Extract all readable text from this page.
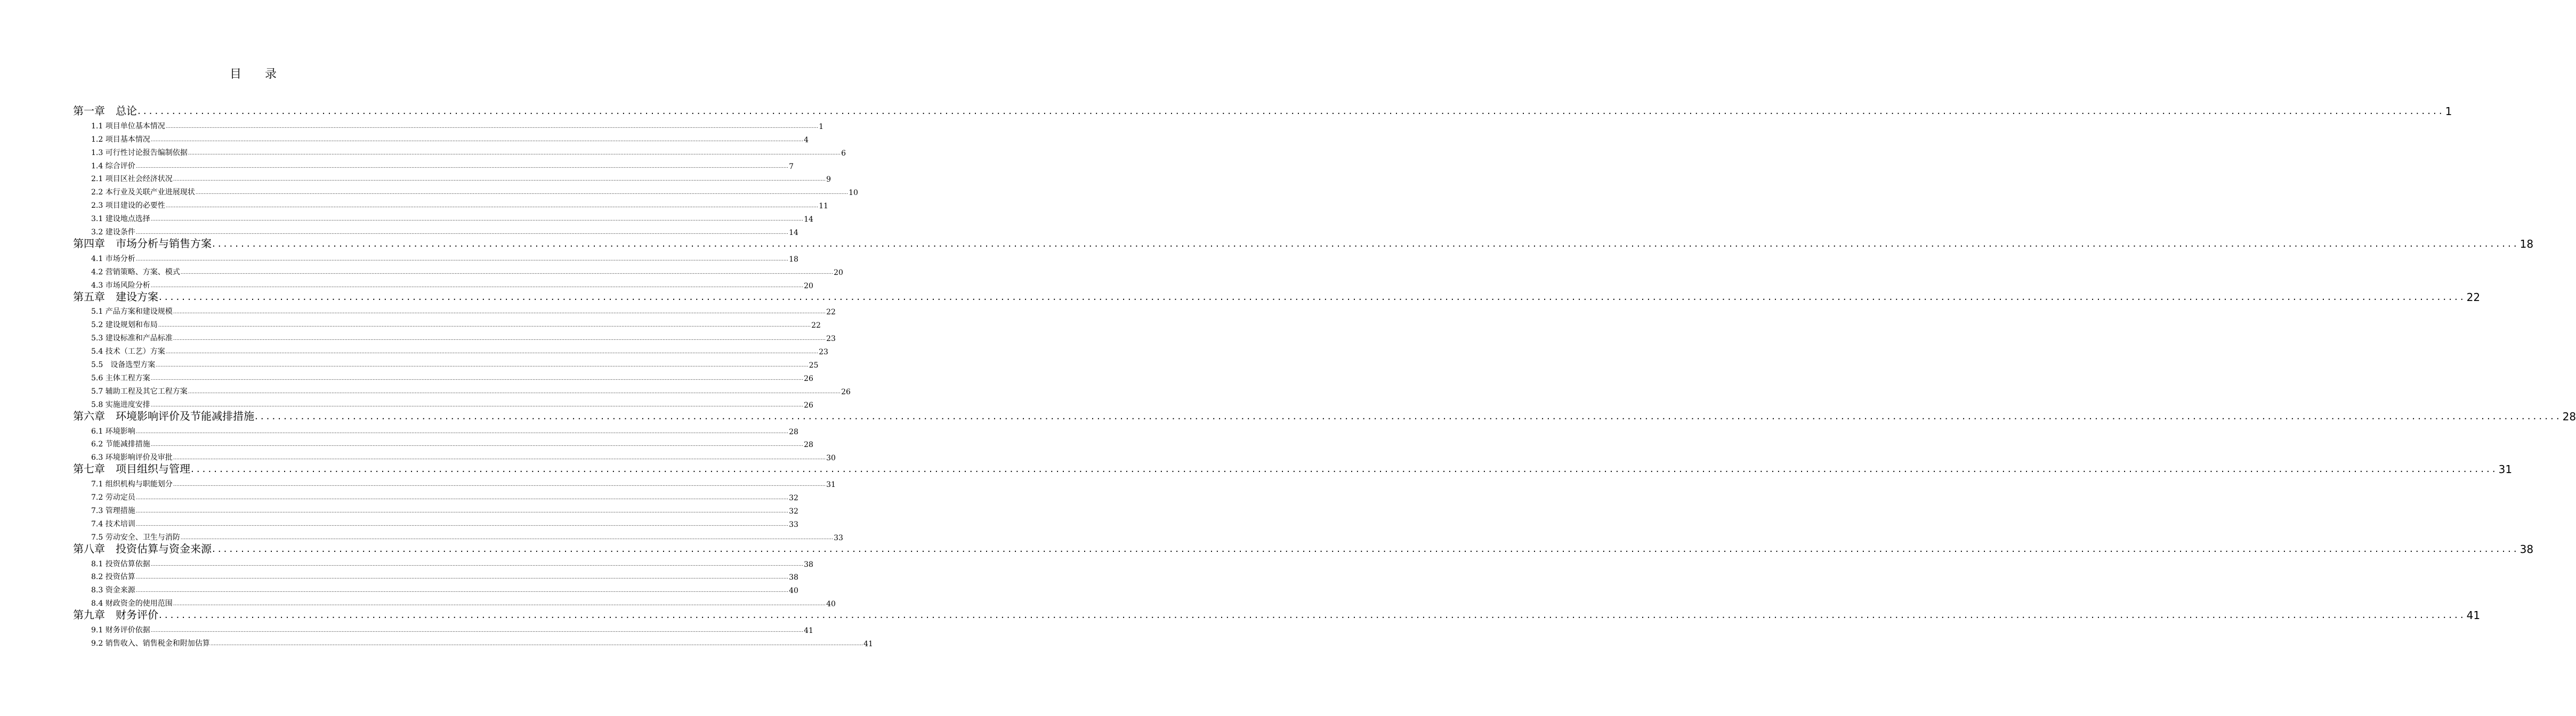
目　　录
第一章　总论 ................................................................................................................................................................................................................................................................................................................................................................................................................ 1
1.1 项目单位基本情况 ................................................................................................................................................................................................................................................................................................................................................................................................................ 1
1.2 项目基本情况 ................................................................................................................................................................................................................................................................................................................................................................................................................ 4
1.3 可行性讨论报告编制依据 ................................................................................................................................................................................................................................................................................................................................................................................................................ 6
1.4 综合评价 ................................................................................................................................................................................................................................................................................................................................................................................................................ 7
2.1 项目区社会经济状况 ................................................................................................................................................................................................................................................................................................................................................................................................................ 9
2.2 本行业及关联产业进展现状 ................................................................................................................................................................................................................................................................................................................................................................................................................ 10
2.3 项目建设的必要性 ................................................................................................................................................................................................................................................................................................................................................................................................................ 11
3.1 建设地点选择 ................................................................................................................................................................................................................................................................................................................................................................................................................ 14
3.2 建设条件 ................................................................................................................................................................................................................................................................................................................................................................................................................ 14
第四章　市场分析与销售方案 ................................................................................................................................................................................................................................................................................................................................................................................................................ 18
4.1 市场分析 ................................................................................................................................................................................................................................................................................................................................................................................................................ 18
4.2 营销策略、方案、模式 ................................................................................................................................................................................................................................................................................................................................................................................................................ 20
4.3 市场风险分析 ................................................................................................................................................................................................................................................................................................................................................................................................................ 20
第五章　建设方案 ................................................................................................................................................................................................................................................................................................................................................................................................................ 22
5.1 产品方案和建设规模 ................................................................................................................................................................................................................................................................................................................................................................................................................ 22
5.2 建设规划和布局 ................................................................................................................................................................................................................................................................................................................................................................................................................ 22
5.3 建设标准和产品标准 ................................................................................................................................................................................................................................................................................................................................................................................................................ 23
5.4 技术（工艺）方案 ................................................................................................................................................................................................................................................................................................................................................................................................................ 23
5.5　设备选型方案 ................................................................................................................................................................................................................................................................................................................................................................................................................ 25
5.6 主体工程方案 ................................................................................................................................................................................................................................................................................................................................................................................................................ 26
5.7 辅助工程及其它工程方案 ................................................................................................................................................................................................................................................................................................................................................................................................................ 26
5.8 实施进度安排 ................................................................................................................................................................................................................................................................................................................................................................................................................ 26
第六章　环境影响评价及节能减排措施 ................................................................................................................................................................................................................................................................................................................................................................................................................ 28
6.1 环境影响 ................................................................................................................................................................................................................................................................................................................................................................................................................ 28
6.2 节能减排措施 ................................................................................................................................................................................................................................................................................................................................................................................................................ 28
6.3 环境影响评价及审批 ................................................................................................................................................................................................................................................................................................................................................................................................................ 30
第七章　项目组织与管理 ................................................................................................................................................................................................................................................................................................................................................................................................................ 31
7.1 组织机构与职能划分 ................................................................................................................................................................................................................................................................................................................................................................................................................ 31
7.2 劳动定员 ................................................................................................................................................................................................................................................................................................................................................................................................................ 32
7.3 管理措施 ................................................................................................................................................................................................................................................................................................................................................................................................................ 32
7.4 技术培训 ................................................................................................................................................................................................................................................................................................................................................................................................................ 33
7.5 劳动安全、卫生与消防 ................................................................................................................................................................................................................................................................................................................................................................................................................ 33
第八章　投资估算与资金来源 ................................................................................................................................................................................................................................................................................................................................................................................................................ 38
8.1 投资估算依据 ................................................................................................................................................................................................................................................................................................................................................................................................................ 38
8.2 投资估算 ................................................................................................................................................................................................................................................................................................................................................................................................................ 38
8.3 资金来源 ................................................................................................................................................................................................................................................................................................................................................................................................................ 40
8.4 财政资金的使用范围 ................................................................................................................................................................................................................................................................................................................................................................................................................ 40
第九章　财务评价 ................................................................................................................................................................................................................................................................................................................................................................................................................ 41
9.1 财务评价依据 ................................................................................................................................................................................................................................................................................................................................................................................................................ 41
9.2 销售收入、销售税金和附加估算 ................................................................................................................................................................................................................................................................................................................................................................................................................ 41
